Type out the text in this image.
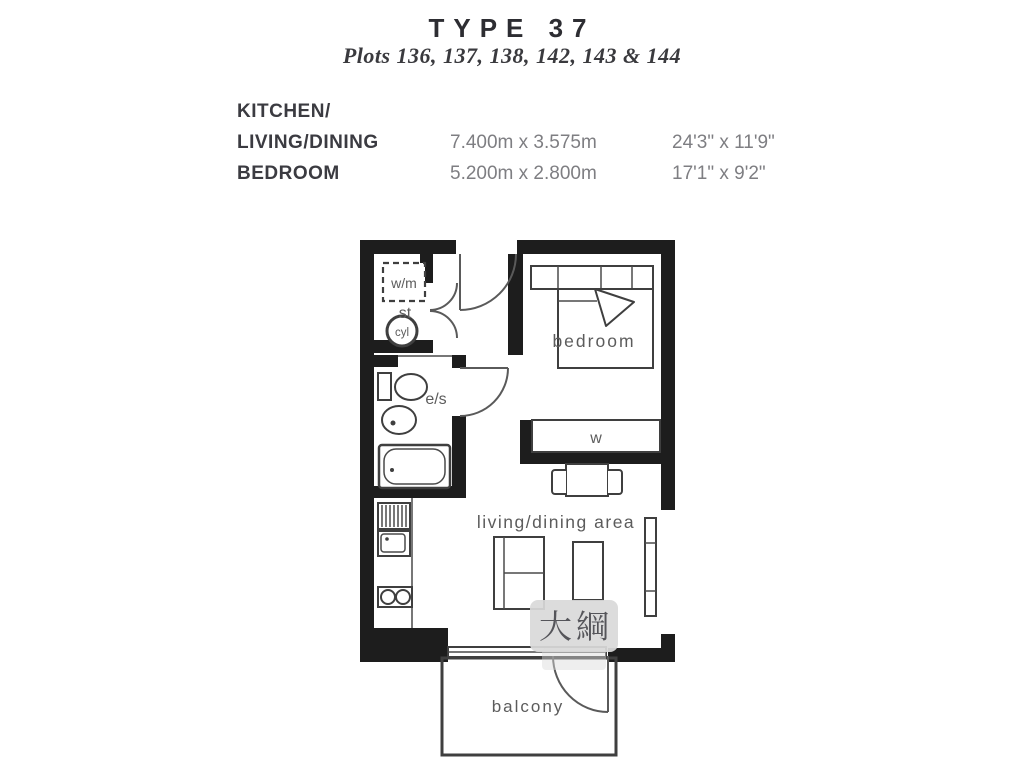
TYPE 37
Plots 136, 137, 138, 142, 143 & 144
KITCHEN/
LIVING/DINING	7.400m x 3.575m	24'3" x 11'9"
BEDROOM	5.200m x 2.800m	17'1" x 9'2"
w/m
st
cyl
e/s
bedroom
w
living/dining area
balcony
大綱
